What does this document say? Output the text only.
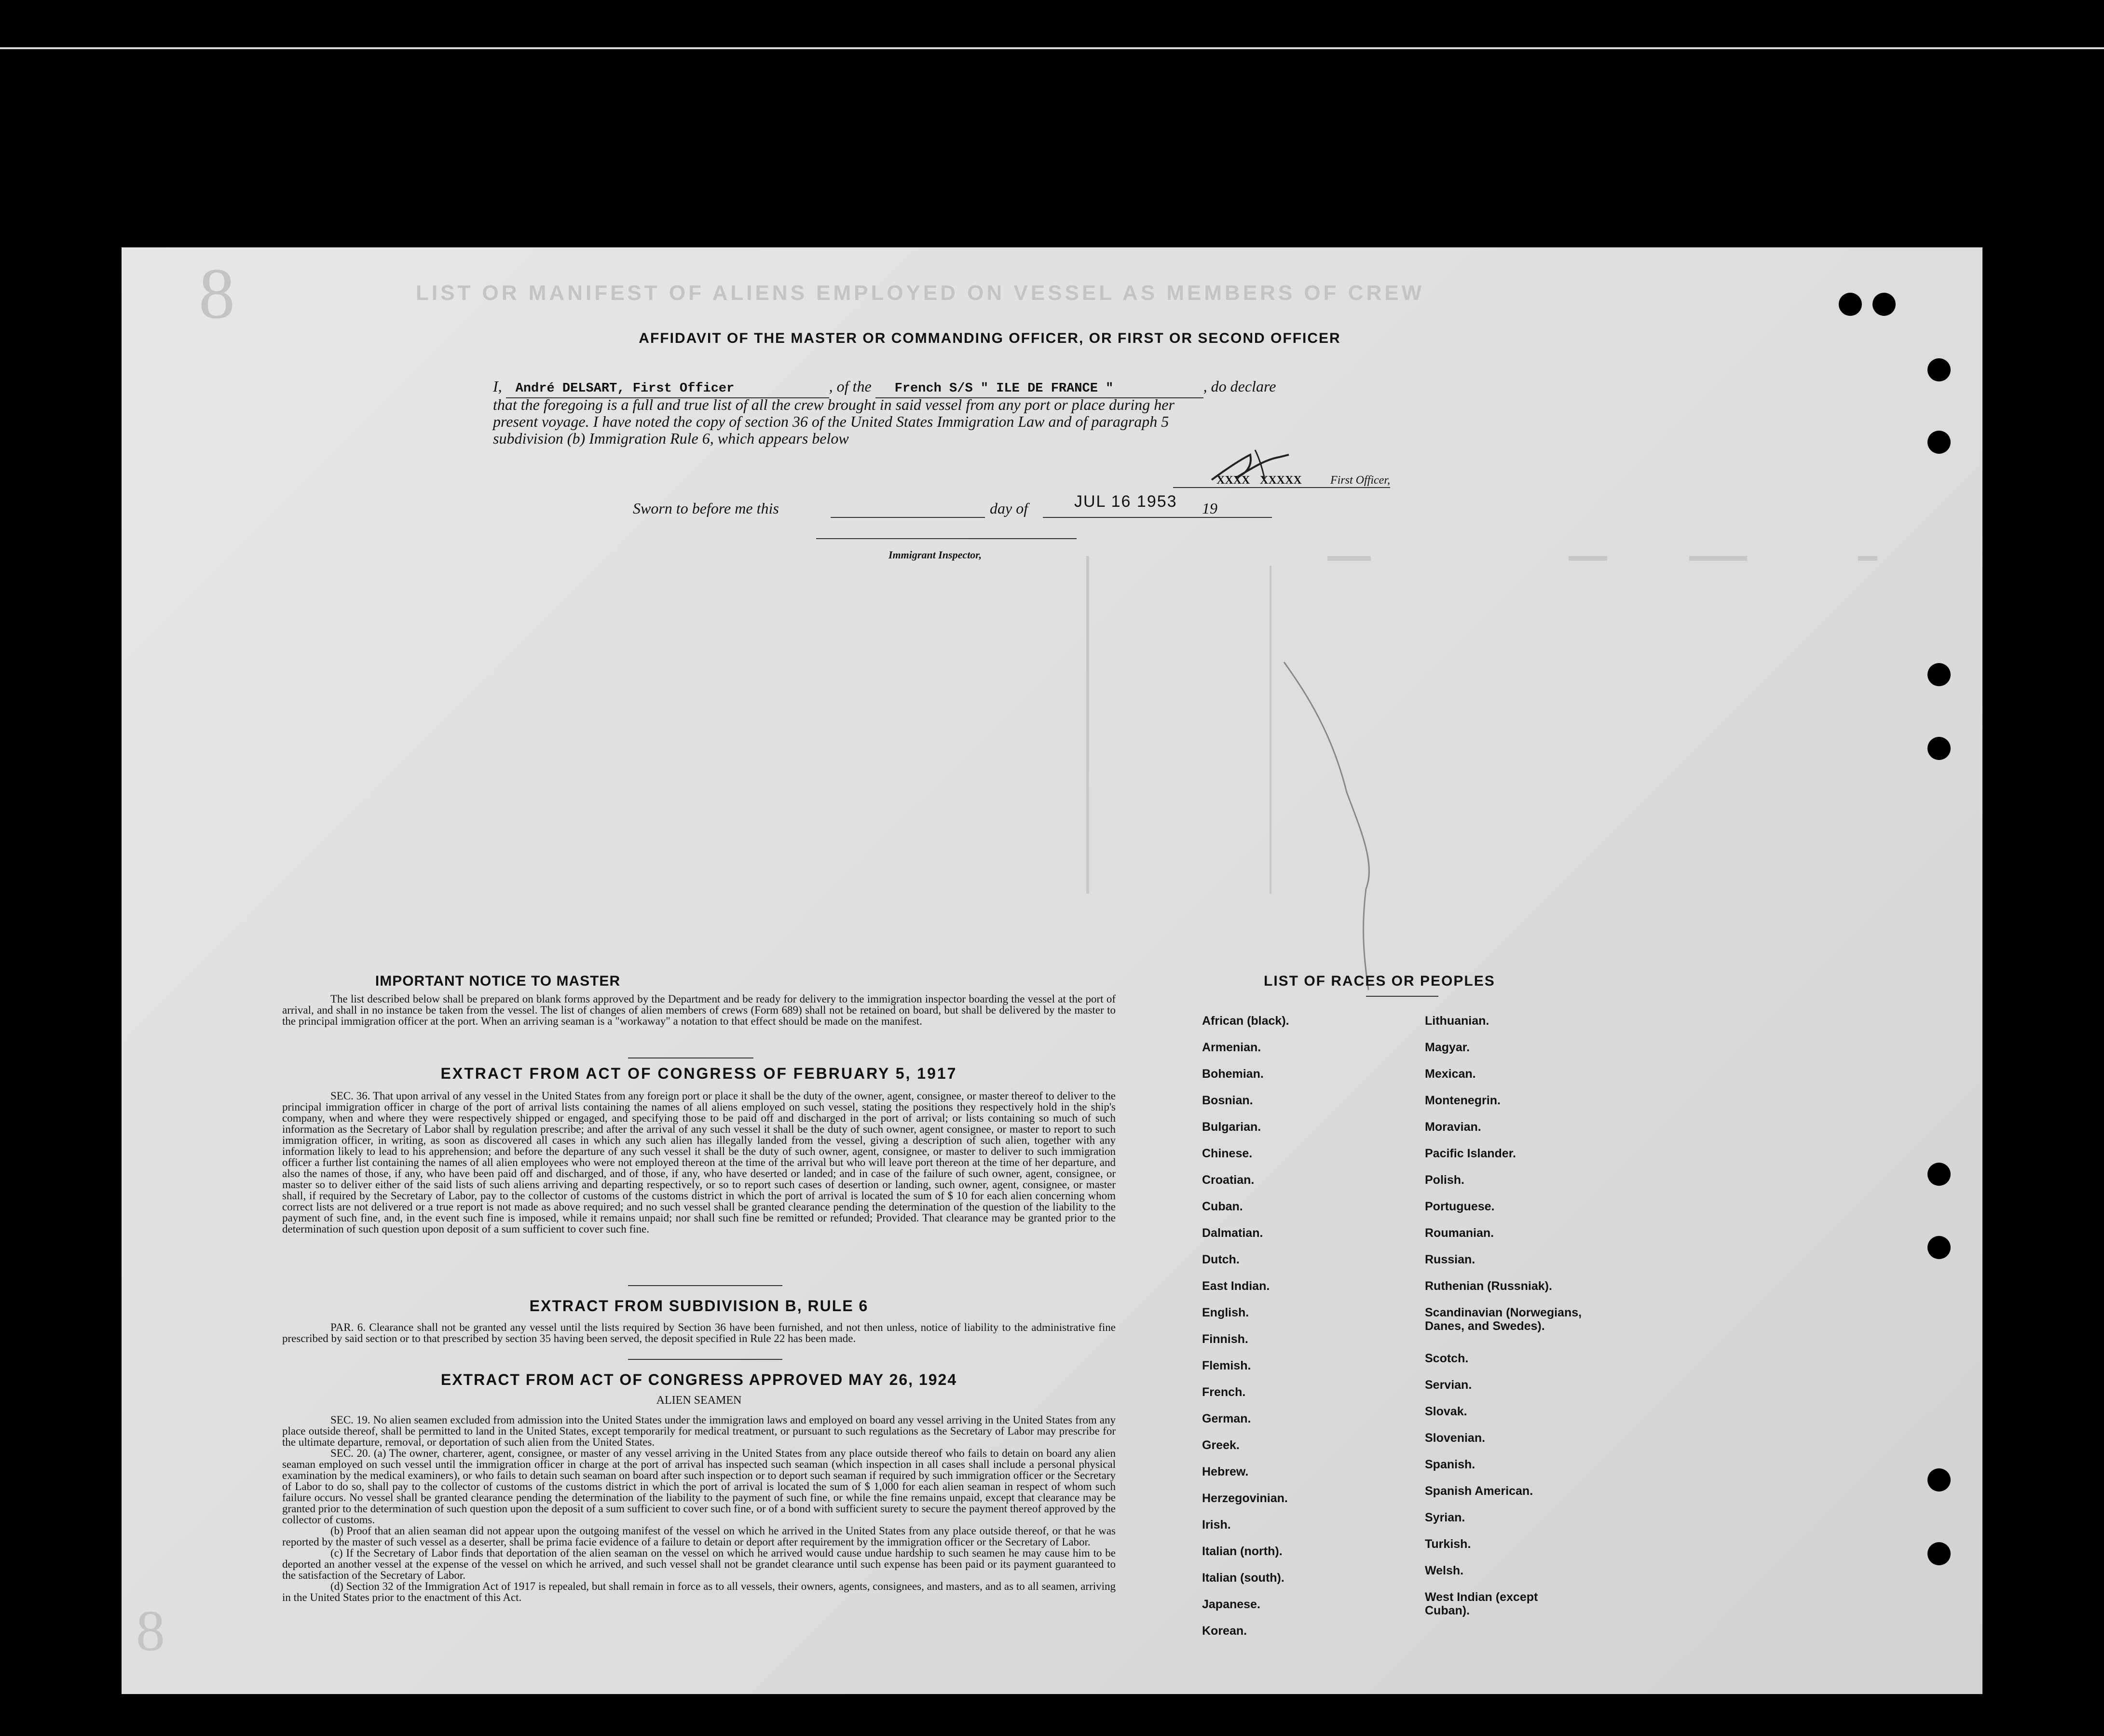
LIST OR MANIFEST OF ALIENS EMPLOYED ON VESSEL AS MEMBERS OF CREW
8
8
AFFIDAVIT OF THE MASTER OR COMMANDING OFFICER, OR FIRST OR SECOND OFFICER
I, André DELSART, First Officer	, of the French S/S " ILE DE FRANCE "	, do declare
that the foregoing is a full and true list of all the crew brought in said vessel from any port or place during her
present voyage. I have noted the copy of section 36 of the United States Immigration Law and of paragraph 5
subdivision (b) Immigration Rule 6, which appears below
XXXX XXXXX	First Officer,
Sworn to before me this	day of	JUL 16 1953 19
Immigrant Inspector,
IMPORTANT NOTICE TO MASTER
The list described below shall be prepared on blank forms approved by the Department and be ready for delivery to the immigration inspector boarding the vessel at the port of arrival, and shall in no instance be taken from the vessel. The list of changes of alien members of crews (Form 689) shall not be retained on board, but shall be delivered by the master to the principal immigration officer at the port. When an arriving seaman is a "workaway" a notation to that effect should be made on the manifest.
EXTRACT FROM ACT OF CONGRESS OF FEBRUARY 5, 1917
SEC. 36. That upon arrival of any vessel in the United States from any foreign port or place it shall be the duty of the owner, agent, consignee, or master thereof to deliver to the principal immigration officer in charge of the port of arrival lists containing the names of all aliens employed on such vessel, stating the positions they respectively hold in the ship's company, when and where they were respectively shipped or engaged, and specifying those to be paid off and discharged in the port of arrival; or lists containing so much of such information as the Secretary of Labor shall by regulation prescribe; and after the arrival of any such vessel it shall be the duty of such owner, agent consignee, or master to report to such immigration officer, in writing, as soon as discovered all cases in which any such alien has illegally landed from the vessel, giving a description of such alien, together with any information likely to lead to his apprehension; and before the departure of any such vessel it shall be the duty of such owner, agent, consignee, or master to deliver to such immigration officer a further list containing the names of all alien employees who were not employed thereon at the time of the arrival but who will leave port thereon at the time of her departure, and also the names of those, if any, who have been paid off and discharged, and of those, if any, who have deserted or landed; and in case of the failure of such owner, agent, consignee, or master so to deliver either of the said lists of such aliens arriving and departing respectively, or so to report such cases of desertion or landing, such owner, agent, consignee, or master shall, if required by the Secretary of Labor, pay to the collector of customs of the customs district in which the port of arrival is located the sum of $ 10 for each alien concerning whom correct lists are not delivered or a true report is not made as above required; and no such vessel shall be granted clearance pending the determination of the question of the liability to the payment of such fine, and, in the event such fine is imposed, while it remains unpaid; nor shall such fine be remitted or refunded; Provided. That clearance may be granted prior to the determination of such question upon deposit of a sum sufficient to cover such fine.
EXTRACT FROM SUBDIVISION B, RULE 6
PAR. 6. Clearance shall not be granted any vessel until the lists required by Section 36 have been furnished, and not then unless, notice of liability to the administrative fine prescribed by said section or to that prescribed by section 35 having been served, the deposit specified in Rule 22 has been made.
EXTRACT FROM ACT OF CONGRESS APPROVED MAY 26, 1924
ALIEN SEAMEN
SEC. 19. No alien seamen excluded from admission into the United States under the immigration laws and employed on board any vessel arriving in the United States from any place outside thereof, shall be permitted to land in the United States, except temporarily for medical treatment, or pursuant to such regulations as the Secretary of Labor may prescribe for the ultimate departure, removal, or deportation of such alien from the United States.
SEC. 20. (a) The owner, charterer, agent, consignee, or master of any vessel arriving in the United States from any place outside thereof who fails to detain on board any alien seaman employed on such vessel until the immigration officer in charge at the port of arrival has inspected such seaman (which inspection in all cases shall include a personal physical examination by the medical examiners), or who fails to detain such seaman on board after such inspection or to deport such seaman if required by such immigration officer or the Secretary of Labor to do so, shall pay to the collector of customs of the customs district in which the port of arrival is located the sum of $ 1,000 for each alien seaman in respect of whom such failure occurs. No vessel shall be granted clearance pending the determination of the liability to the payment of such fine, or while the fine remains unpaid, except that clearance may be granted prior to the determination of such question upon the deposit of a sum sufficient to cover such fine, or of a bond with sufficient surety to secure the payment thereof approved by the collector of customs.
(b) Proof that an alien seaman did not appear upon the outgoing manifest of the vessel on which he arrived in the United States from any place outside thereof, or that he was reported by the master of such vessel as a deserter, shall be prima facie evidence of a failure to detain or deport after requirement by the immigration officer or the Secretary of Labor.
(c) If the Secretary of Labor finds that deportation of the alien seaman on the vessel on which he arrived would cause undue hardship to such seamen he may cause him to be deported an another vessel at the expense of the vessel on which he arrived, and such vessel shall not be grandet clearance until such expense has been paid or its payment guaranteed to the satisfaction of the Secretary of Labor.
(d) Section 32 of the Immigration Act of 1917 is repealed, but shall remain in force as to all vessels, their owners, agents, consignees, and masters, and as to all seamen, arriving in the United States prior to the enactment of this Act.
LIST OF RACES OR PEOPLES
African (black).
Armenian.
Bohemian.
Bosnian.
Bulgarian.
Chinese.
Croatian.
Cuban.
Dalmatian.
Dutch.
East Indian.
English.
Finnish.
Flemish.
French.
German.
Greek.
Hebrew.
Herzegovinian.
Irish.
Italian (north).
Italian (south).
Japanese.
Korean.
Lithuanian.
Magyar.
Mexican.
Montenegrin.
Moravian.
Pacific Islander.
Polish.
Portuguese.
Roumanian.
Russian.
Ruthenian (Russniak).
Scandinavian (Norwegians, Danes, and Swedes).
Scotch.
Servian.
Slovak.
Slovenian.
Spanish.
Spanish American.
Syrian.
Turkish.
Welsh.
West Indian (except Cuban).
